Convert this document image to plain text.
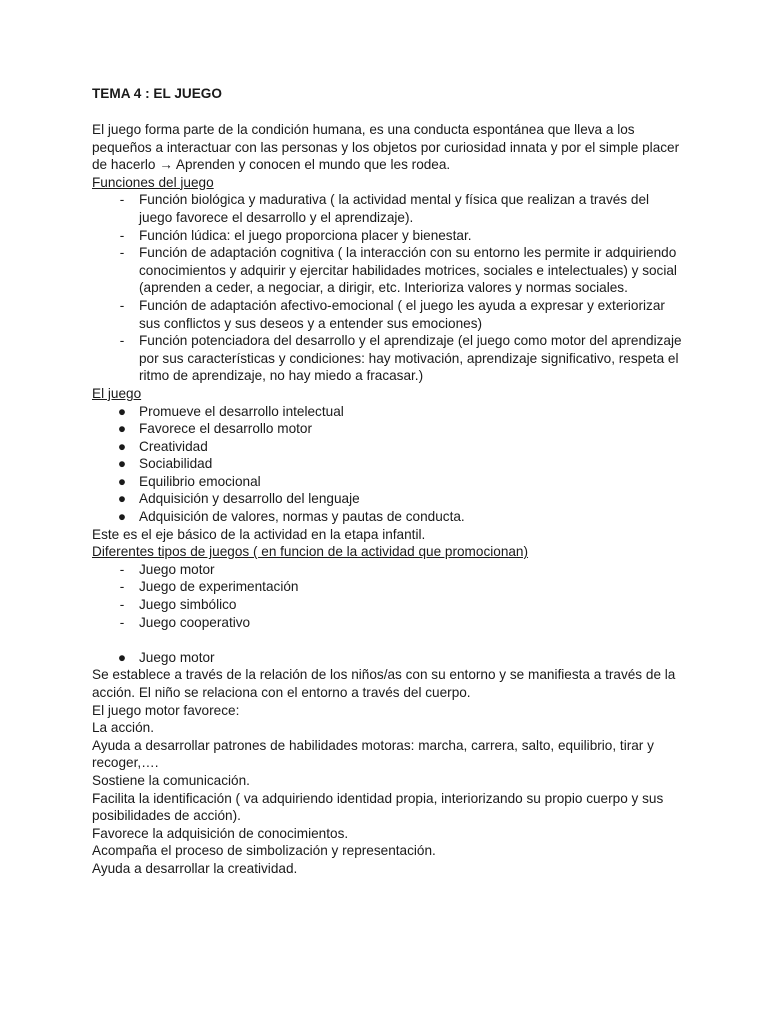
TEMA 4 : EL JUEGO

El juego forma parte de la condición humana, es una conducta espontánea que lleva a los pequeños a interactuar con las personas y los objetos por curiosidad innata y por el simple placer de hacerlo → Aprenden y conocen el mundo que les rodea.

Funciones del juego

- Función biológica y madurativa ( la actividad mental y física que realizan a través del juego favorece el desarrollo y el aprendizaje).
- Función lúdica: el juego proporciona placer y bienestar.
- Función de adaptación cognitiva ( la interacción con su entorno les permite ir adquiriendo conocimientos y adquirir y ejercitar habilidades motrices, sociales e intelectuales) y social (aprenden a ceder, a negociar, a dirigir, etc. Interioriza valores y normas sociales.
- Función de adaptación afectivo-emocional ( el juego les ayuda a expresar y exteriorizar sus conflictos y sus deseos y a entender sus emociones)
- Función potenciadora del desarrollo y el aprendizaje (el juego como motor del aprendizaje por sus características y condiciones: hay motivación, aprendizaje significativo, respeta el ritmo de aprendizaje, no hay miedo a fracasar.)

El juego

● Promueve el desarrollo intelectual
● Favorece el desarrollo motor
● Creatividad
● Sociabilidad
● Equilibrio emocional
● Adquisición y desarrollo del lenguaje
● Adquisición de valores, normas y pautas de conducta.

Este es el eje básico de la actividad en la etapa infantil.

Diferentes tipos de juegos ( en funcion de la actividad que promocionan)

- Juego motor
- Juego de experimentación
- Juego simbólico
- Juego cooperativo
● Juego motor

Se establece a través de la relación de los niños/as con su entorno y se manifiesta a través de la acción. El niño se relaciona con el entorno a través del cuerpo.

El juego motor favorece:

La acción.

Ayuda a desarrollar patrones de habilidades motoras: marcha, carrera, salto, equilibrio, tirar y recoger,….

Sostiene la comunicación.

Facilita la identificación ( va adquiriendo identidad propia, interiorizando su propio cuerpo y sus posibilidades de acción).

Favorece la adquisición de conocimientos.

Acompaña el proceso de simbolización y representación.

Ayuda a desarrollar la creatividad.
